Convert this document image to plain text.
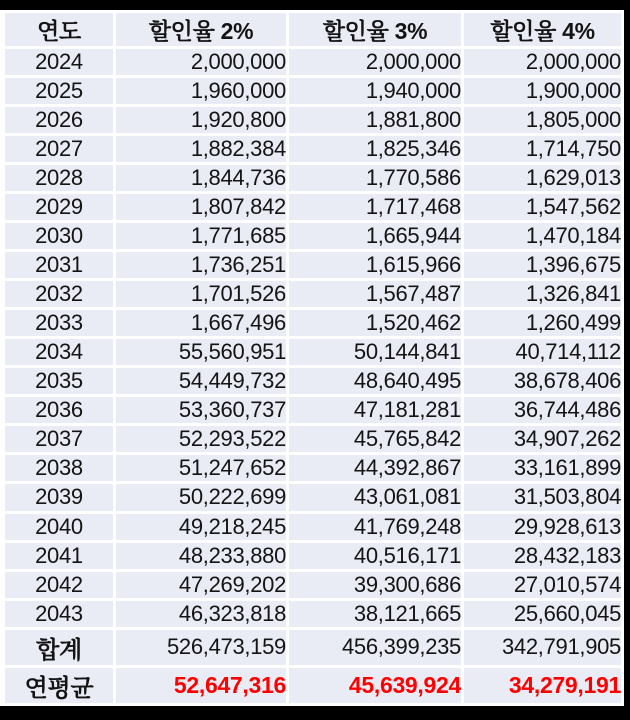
연도	할인율 2%	할인율 3%	할인율 4%
2024	2,000,000	2,000,000	2,000,000
2025	1,960,000	1,940,000	1,900,000
2026	1,920,800	1,881,800	1,805,000
2027	1,882,384	1,825,346	1,714,750
2028	1,844,736	1,770,586	1,629,013
2029	1,807,842	1,717,468	1,547,562
2030	1,771,685	1,665,944	1,470,184
2031	1,736,251	1,615,966	1,396,675
2032	1,701,526	1,567,487	1,326,841
2033	1,667,496	1,520,462	1,260,499
2034	55,560,951	50,144,841	40,714,112
2035	54,449,732	48,640,495	38,678,406
2036	53,360,737	47,181,281	36,744,486
2037	52,293,522	45,765,842	34,907,262
2038	51,247,652	44,392,867	33,161,899
2039	50,222,699	43,061,081	31,503,804
2040	49,218,245	41,769,248	29,928,613
2041	48,233,880	40,516,171	28,432,183
2042	47,269,202	39,300,686	27,010,574
2043	46,323,818	38,121,665	25,660,045
합계	526,473,159	456,399,235	342,791,905
연평균	52,647,316	45,639,924	34,279,191
